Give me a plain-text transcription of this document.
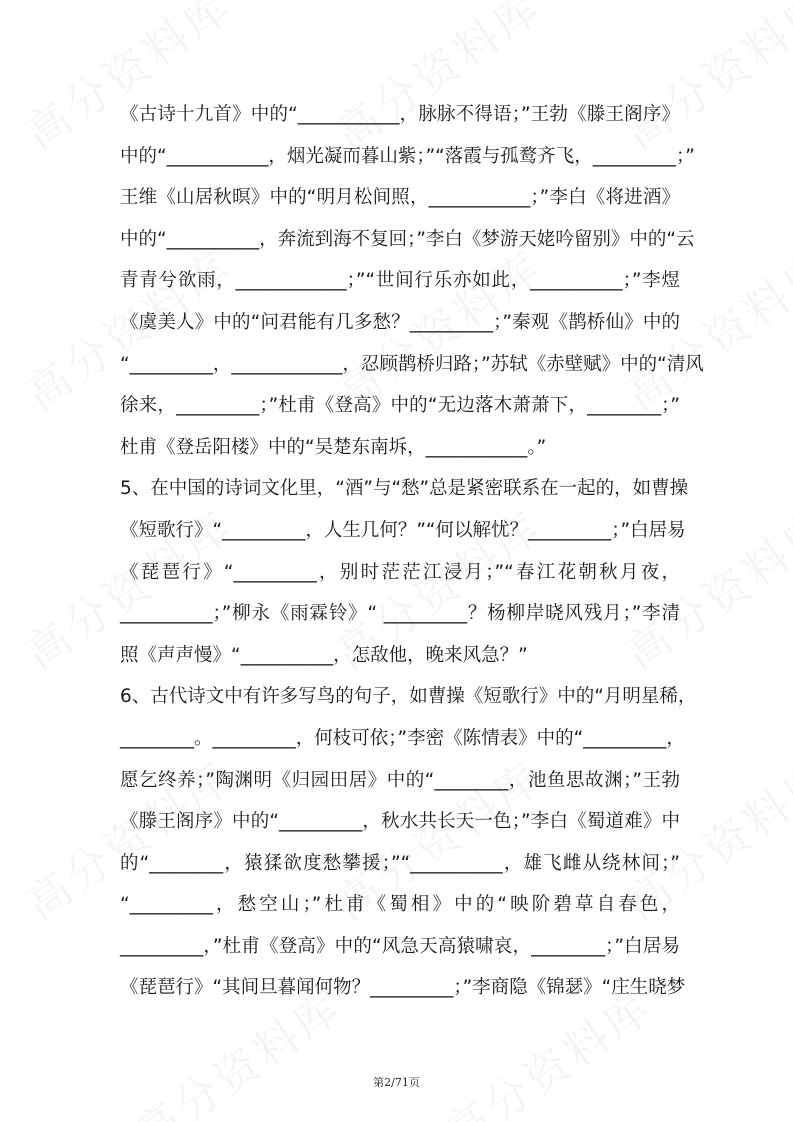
《古诗十九首》中的“___________，脉脉不得语；”王勃《滕王阁序》
中的“___________，烟光凝而暮山紫；”“落霞与孤鹜齐飞，_________；”
王维《山居秋暝》中的“明月松间照，___________；”李白《将进酒》
中的“__________，奔流到海不复回；”李白《梦游天姥吟留别》中的“云
青青兮欲雨，____________；”“世间行乐亦如此，__________；”李煜
《虞美人》中的“问君能有几多愁？_________；”秦观《鹊桥仙》中的
“_________，____________，忍顾鹊桥归路；”苏轼《赤壁赋》中的“清风
徐来，_________；”杜甫《登高》中的“无边落木萧萧下，________；”
杜甫《登岳阳楼》中的“吴楚东南坼，___________。”
5、在中国的诗词文化里，“酒”与“愁”总是紧密联系在一起的，如曹操
《短歌行》“_________，人生几何？”“何以解忧？_________；”白居易
《琵琶行》“_________，别时茫茫江浸月；”“春江花朝秋月夜，
__________；”柳永《雨霖铃》“ _________？杨柳岸晓风残月；”李清
照《声声慢》“__________，怎敌他，晚来风急？”
6、古代诗文中有许多写鸟的句子，如曹操《短歌行》中的“月明星稀，
________。_________，何枝可依；”李密《陈情表》中的“_________，
愿乞终养；”陶渊明《归园田居》中的“________，池鱼思故渊；”王勃
《滕王阁序》中的“_________，秋水共长天一色；”李白《蜀道难》中
的“________，猿猱欲度愁攀援；”“__________，雄飞雌从绕林间；”
“_________，愁空山；”杜甫《蜀相》中的“映阶碧草自春色，
_________，”杜甫《登高》中的“风急天高猿啸哀，________；”白居易
《琵琶行》“其间旦暮闻何物？_________；”李商隐《锦瑟》“庄生晓梦
第2/71页
